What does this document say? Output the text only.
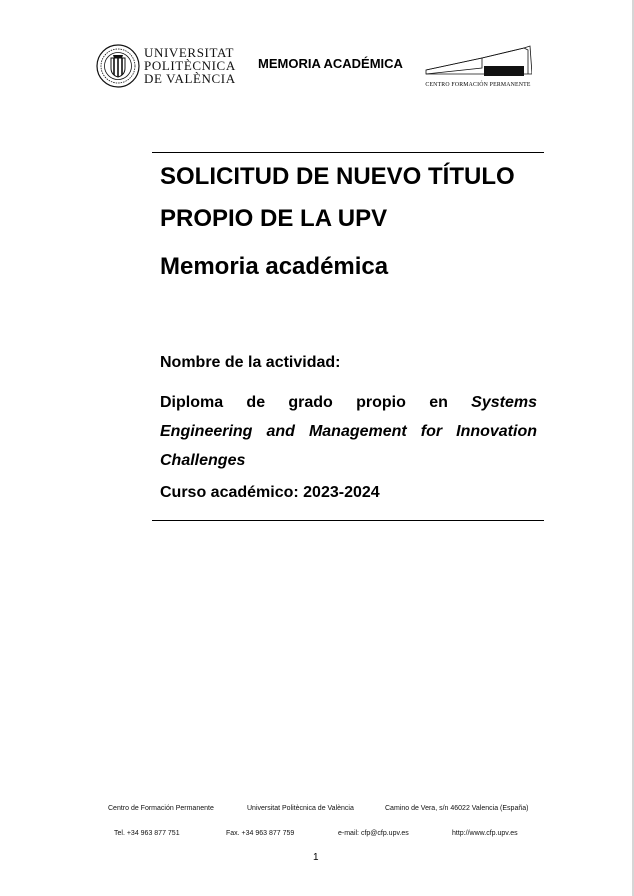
UNIVERSITAT
POLITÈCNICA
DE VALÈNCIA
MEMORIA ACADÉMICA
CENTRO FORMACIÓN PERMANENTE
SOLICITUD DE NUEVO TÍTULO PROPIO DE LA UPV
Memoria académica
Nombre de la actividad:

Diploma de grado propio en Systems Engineering and Management for Innovation Challenges

Curso académico: 2023-2024
Centro de Formación Permanente	Universitat Politècnica de València	Camino de Vera, s/n 46022 Valencia (España)
Tel. +34 963 877 751	Fax. +34 963 877 759	e-mail: cfp@cfp.upv.es	http://www.cfp.upv.es
1
